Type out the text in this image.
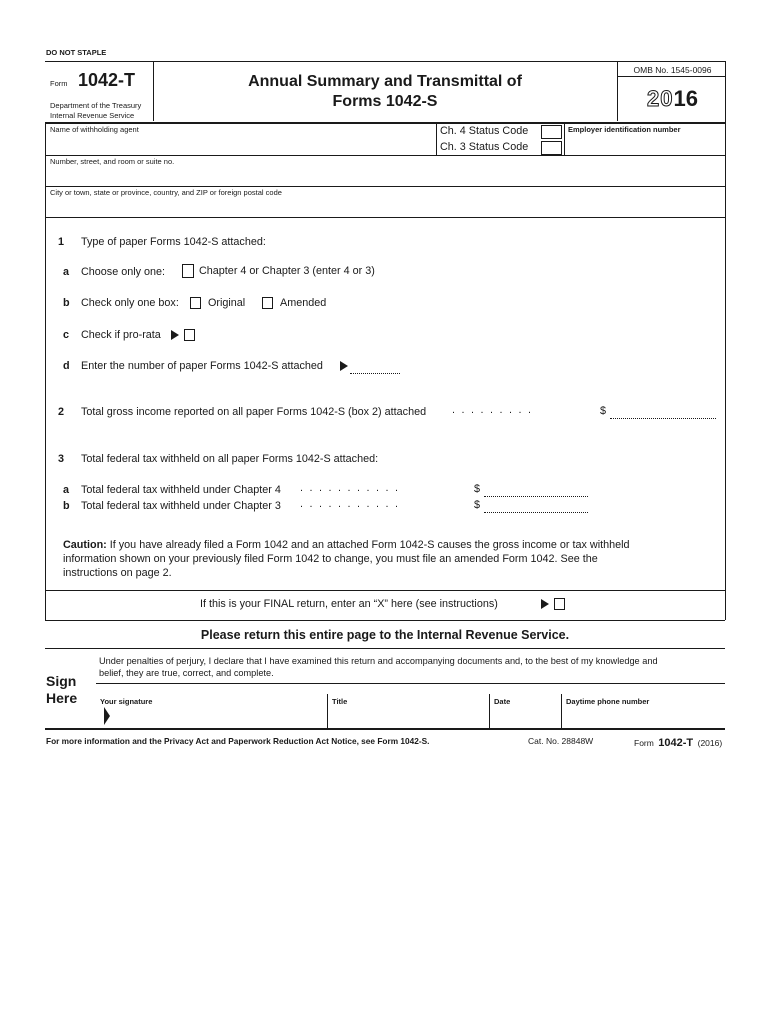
DO NOT STAPLE
Form 1042-T
Department of the Treasury
Internal Revenue Service
Annual Summary and Transmittal of
Forms 1042-S
OMB No. 1545-0096
2016
Name of withholding agent	Ch. 4 Status Code
Ch. 3 Status Code
Employer identification number
Number, street, and room or suite no.
City or town, state or province, country, and ZIP or foreign postal code
1 Type of paper Forms 1042-S attached:
a Choose only one:	Chapter 4 or Chapter 3 (enter 4 or 3)
b Check only one box:	Original	Amended
c Check if pro-rata
d Enter the number of paper Forms 1042-S attached
2 Total gross income reported on all paper Forms 1042-S (box 2) attached .........	$
3 Total federal tax withheld on all paper Forms 1042-S attached:
a Total federal tax withheld under Chapter 4 ...........	$
b Total federal tax withheld under Chapter 3 ...........	$
Caution: If you have already filed a Form 1042 and an attached Form 1042-S causes the gross income or tax withheld
information shown on your previously filed Form 1042 to change, you must file an amended Form 1042. See the
instructions on page 2.
If this is your FINAL return, enter an “X” here (see instructions)
Please return this entire page to the Internal Revenue Service.
Sign
Here
Under penalties of perjury, I declare that I have examined this return and accompanying documents and, to the best of my knowledge and
belief, they are true, correct, and complete.
Your signature	Title	Date	Daytime phone number
For more information and the Privacy Act and Paperwork Reduction Act Notice, see Form 1042-S.	Cat. No. 28848W	Form 1042-T (2016)
